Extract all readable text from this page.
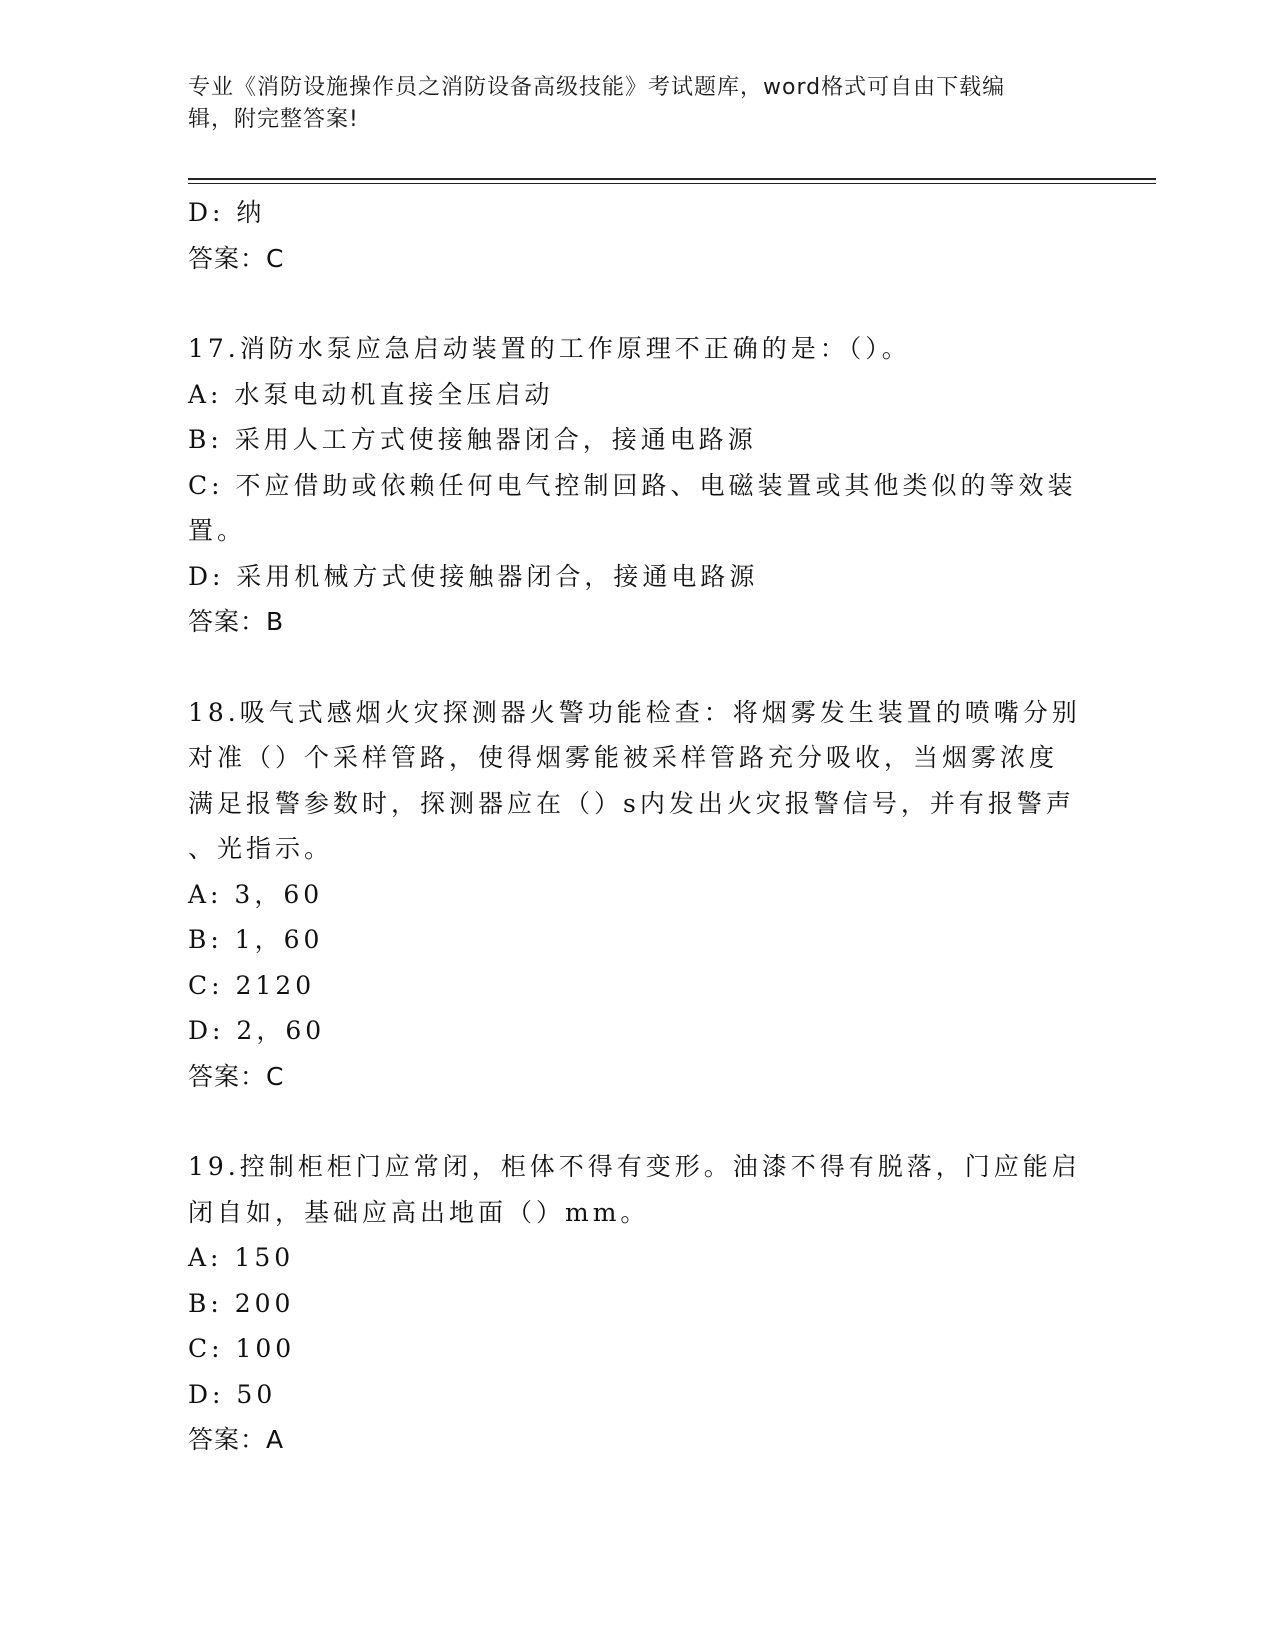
专业《消防设施操作员之消防设备高级技能》考试题库，word格式可自由下载编
辑，附完整答案!
D: 纳
答案：C
17.消防水泵应急启动装置的工作原理不正确的是：（）。
A: 水泵电动机直接全压启动
B: 采用人工方式使接触器闭合，接通电路源
C: 不应借助或依赖任何电气控制回路、电磁装置或其他类似的等效装
置。
D: 采用机械方式使接触器闭合，接通电路源
答案：B
18.吸气式感烟火灾探测器火警功能检查：将烟雾发生装置的喷嘴分别
对准（）个采样管路，使得烟雾能被采样管路充分吸收，当烟雾浓度
满足报警参数时，探测器应在（）s内发出火灾报警信号，并有报警声
、光指示。
A: 3，60
B: 1，60
C: 2120
D: 2，60
答案：C
19.控制柜柜门应常闭，柜体不得有变形。油漆不得有脱落，门应能启
闭自如，基础应高出地面（）mm。
A: 150
B: 200
C: 100
D: 50
答案：A
